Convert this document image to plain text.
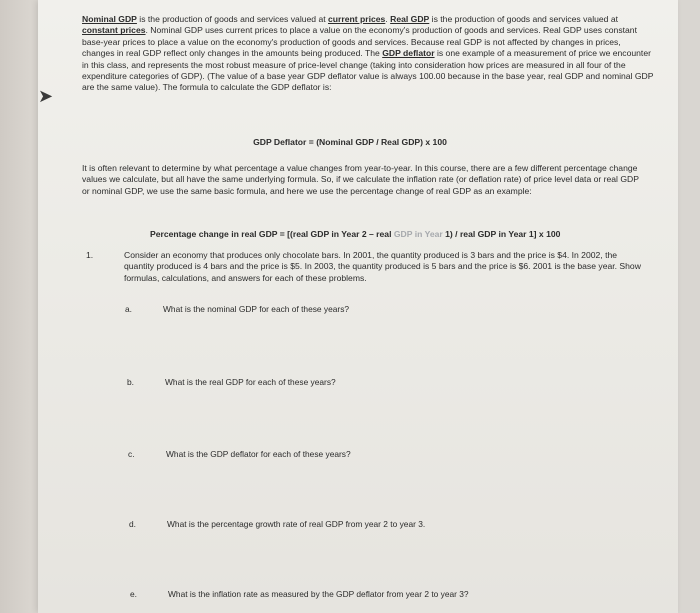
➤
Nominal GDP is the production of goods and services valued at current prices. Real GDP is the production of goods and services valued at constant prices. Nominal GDP uses current prices to place a value on the economy's production of goods and services. Real GDP uses constant base-year prices to place a value on the economy's production of goods and services. Because real GDP is not affected by changes in prices, changes in real GDP reflect only changes in the amounts being produced. The GDP deflator is one example of a measurement of price we encounter in this class, and represents the most robust measure of price-level change (taking into consideration how prices are measured in all four of the expenditure categories of GDP). (The value of a base year GDP deflator value is always 100.00 because in the base year, real GDP and nominal GDP are the same value). The formula to calculate the GDP deflator is:
GDP Deflator = (Nominal GDP / Real GDP) x 100
It is often relevant to determine by what percentage a value changes from year-to-year. In this course, there are a few different percentage change values we calculate, but all have the same underlying formula. So, if we calculate the inflation rate (or deflation rate) of price level data or real GDP or nominal GDP, we use the same basic formula, and here we use the percentage change of real GDP as an example:
Percentage change in real GDP = [(real GDP in Year 2 – real GDP in Year 1) / real GDP in Year 1] x 100
1.	Consider an economy that produces only chocolate bars. In 2001, the quantity produced is 3 bars and the price is $4. In 2002, the quantity produced is 4 bars and the price is $5. In 2003, the quantity produced is 5 bars and the price is $6. 2001 is the base year. Show formulas, calculations, and answers for each of these problems.
a.	What is the nominal GDP for each of these years?
b.	What is the real GDP for each of these years?
c.	What is the GDP deflator for each of these years?
d.	What is the percentage growth rate of real GDP from year 2 to year 3.
e.	What is the inflation rate as measured by the GDP deflator from year 2 to year 3?
